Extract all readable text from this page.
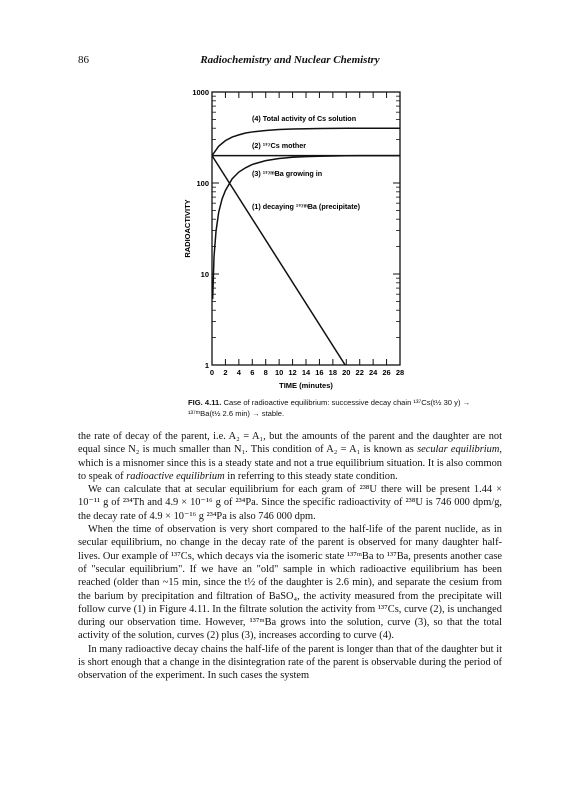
86	Radiochemistry and Nuclear Chemistry
0 2 4 6 8 10 12 14 16 18 20 22 24 26 28
1
10
100
1000
TIME (minutes)
RADIOACTIVITY
(4) Total activity of Cs solution
(2) ¹³⁷Cs mother
(3) ¹³⁷ᵐBa growing in
(1) decaying ¹³⁷ᵐBa (precipitate)
FIG. 4.11. Case of radioactive equilibrium: successive decay chain ¹³⁷Cs(t½ 30 y) →
¹³⁷ᵐBa(t½ 2.6 min) → stable.

the rate of decay of the parent, i.e. A₂ = A₁, but the amounts of the parent and the daughter are not equal since N₂ is much smaller than N₁. This condition of A₂ = A₁ is known as secular equilibrium, which is a misnomer since this is a steady state and not a true equilibrium situation. It is also common to speak of radioactive equilibrium in referring to this steady state condition.

We can calculate that at secular equilibrium for each gram of ²³⁸U there will be present 1.44 × 10⁻¹¹ g of ²³⁴Th and 4.9 × 10⁻¹⁶ g of ²³⁴Pa. Since the specific radioactivity of ²³⁸U is 746 000 dpm/g, the decay rate of 4.9 × 10⁻¹⁶ g ²³⁴Pa is also 746 000 dpm.

When the time of observation is very short compared to the half-life of the parent nuclide, as in secular equilibrium, no change in the decay rate of the parent is observed for many daughter half-lives. Our example of ¹³⁷Cs, which decays via the isomeric state ¹³⁷ᵐBa to ¹³⁷Ba, presents another case of "secular equilibrium". If we have an "old" sample in which radioactive equilibrium has been reached (older than ~15 min, since the t½ of the daughter is 2.6 min), and separate the cesium from the barium by precipitation and filtration of BaSO₄, the activity measured from the precipitate will follow curve (1) in Figure 4.11. In the filtrate solution the activity from ¹³⁷Cs, curve (2), is unchanged during our observation time. However, ¹³⁷ᵐBa grows into the solution, curve (3), so that the total activity of the solution, curves (2) plus (3), increases according to curve (4).

In many radioactive decay chains the half-life of the parent is longer than that of the daughter but it is short enough that a change in the disintegration rate of the parent is observable during the period of observation of the experiment. In such cases the system
